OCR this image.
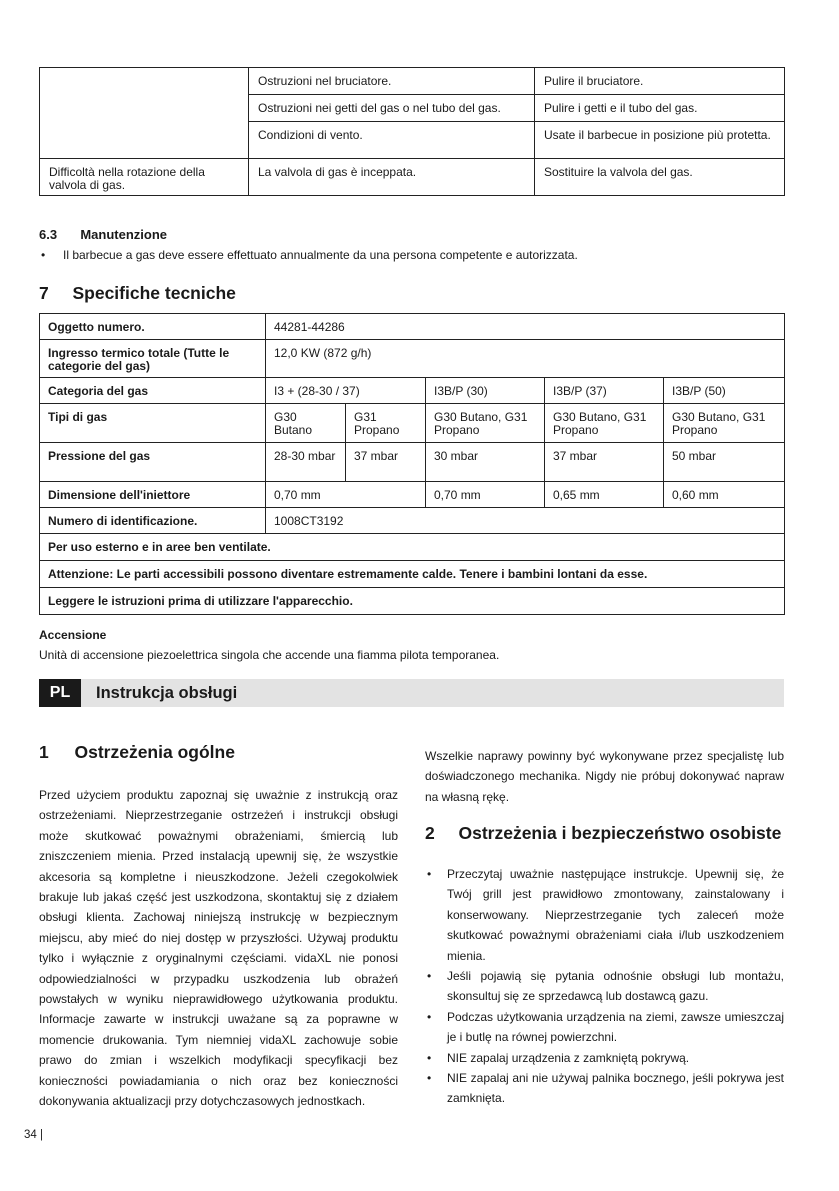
	Ostruzioni nel bruciatore.	Pulire il bruciatore.
	Ostruzioni nei getti del gas o nel tubo del gas.	Pulire i getti e il tubo del gas.
	Condizioni di vento.	Usate il barbecue in posizione più protetta.
Difficoltà nella rotazione della valvola di gas.	La valvola di gas è inceppata.	Sostituire la valvola del gas.
6.3 Manutenzione
• Il barbecue a gas deve essere effettuato annualmente da una persona competente e autorizzata.
7 Specifiche tecniche
Oggetto numero.	44281-44286				
Ingresso termico totale (Tutte le categorie del gas)	12,0 KW (872 g/h)				
Categoria del gas	I3 + (28-30 / 37)		I3B/P (30)	I3B/P (37)	I3B/P (50)
Tipi di gas	G30 Butano	G31 Propano	G30 Butano, G31 Propano	G30 Butano, G31 Propano	G30 Butano, G31 Propano
Pressione del gas	28-30 mbar	37 mbar	30 mbar	37 mbar	50 mbar
Dimensione dell'iniettore	0,70 mm		0,70 mm	0,65 mm	0,60 mm
Numero di identificazione.	1008CT3192				
Per uso esterno e in aree ben ventilate.					
Attenzione: Le parti accessibili possono diventare estremamente calde. Tenere i bambini lontani da esse.					
Leggere le istruzioni prima di utilizzare l'apparecchio.					
Accensione
Unità di accensione piezoelettrica singola che accende una fiamma pilota temporanea.
PL	Instrukcja obsługi
1 Ostrzeżenia ogólne
Przed użyciem produktu zapoznaj się uważnie z instrukcją oraz ostrzeżeniami. Nieprzestrzeganie ostrzeżeń i instrukcji obsługi może skutkować poważnymi obrażeniami, śmiercią lub zniszczeniem mienia. Przed instalacją upewnij się, że wszystkie akcesoria są kompletne i nieuszkodzone. Jeżeli czegokolwiek brakuje lub jakaś część jest uszkodzona, skontaktuj się z działem obsługi klienta. Zachowaj niniejszą instrukcję w bezpiecznym miejscu, aby mieć do niej dostęp w przyszłości. Używaj produktu tylko i wyłącznie z oryginalnymi częściami. vidaXL nie ponosi odpowiedzialności w przypadku uszkodzenia lub obrażeń powstałych w wyniku nieprawidłowego użytkowania produktu. Informacje zawarte w instrukcji uważane są za poprawne w momencie drukowania. Tym niemniej vidaXL zachowuje sobie prawo do zmian i wszelkich modyfikacji specyfikacji bez konieczności powiadamiania o nich oraz bez konieczności dokonywania aktualizacji przy dotychczasowych jednostkach.
Wszelkie naprawy powinny być wykonywane przez specjalistę lub doświadczonego mechanika. Nigdy nie próbuj dokonywać napraw na własną rękę.
2 Ostrzeżenia i bezpieczeństwo osobiste
• Przeczytaj uważnie następujące instrukcje. Upewnij się, że Twój grill jest prawidłowo zmontowany, zainstalowany i konserwowany. Nieprzestrzeganie tych zaleceń może skutkować poważnymi obrażeniami ciała i/lub uszkodzeniem mienia.
• Jeśli pojawią się pytania odnośnie obsługi lub montażu, skonsultuj się ze sprzedawcą lub dostawcą gazu.
• Podczas użytkowania urządzenia na ziemi, zawsze umieszczaj je i butlę na równej powierzchni.
• NIE zapalaj urządzenia z zamkniętą pokrywą.
• NIE zapalaj ani nie używaj palnika bocznego, jeśli pokrywa jest zamknięta.
34 |
